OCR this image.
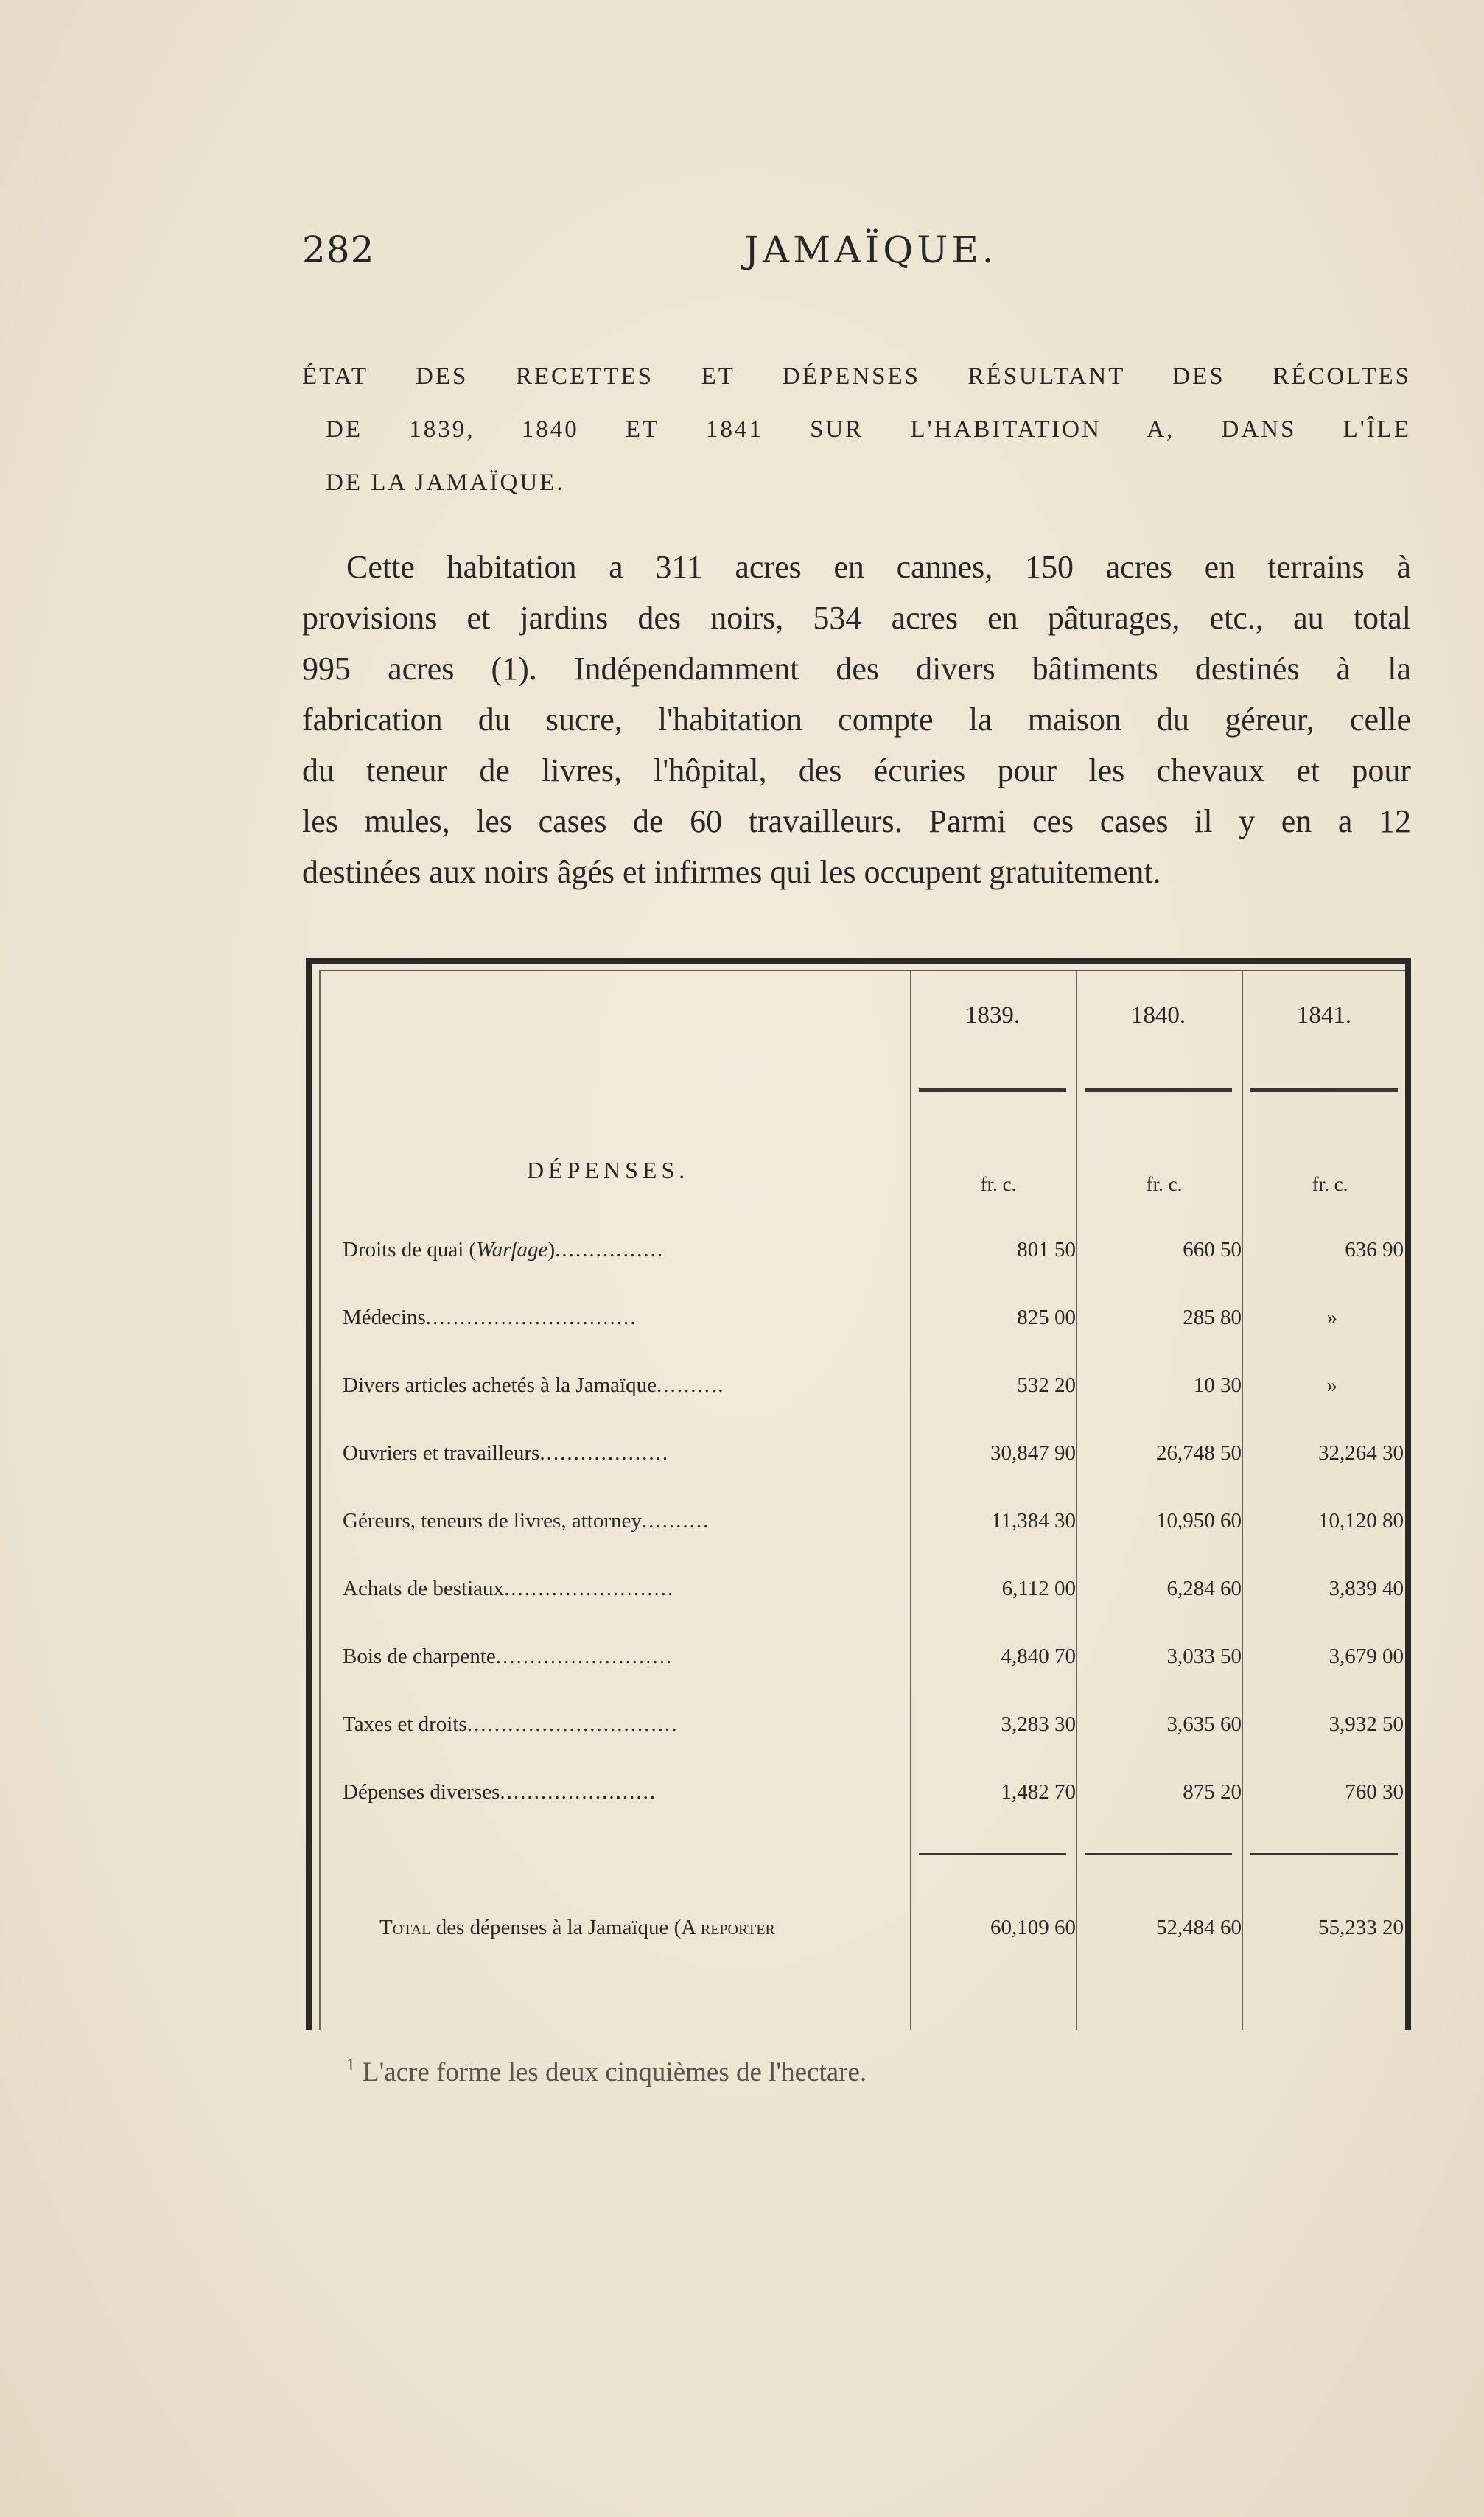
282	JAMAÏQUE.
ÉTAT DES RECETTES ET DÉPENSES RÉSULTANT DES RÉCOLTES
DE 1839, 1840 ET 1841 SUR L'HABITATION A, DANS L'ÎLE
DE LA JAMAÏQUE.
Cette habitation a 311 acres en cannes, 150 acres en terrains à
provisions et jardins des noirs, 534 acres en pâturages, etc., au total
995 acres (1). Indépendamment des divers bâtiments destinés à la
fabrication du sucre, l'habitation compte la maison du géreur, celle
du teneur de livres, l'hôpital, des écuries pour les chevaux et pour
les mules, les cases de 60 travailleurs. Parmi ces cases il y en a 12
destinées aux noirs âgés et infirmes qui les occupent gratuitement.
1839.	1840.	1841.
DÉPENSES.
fr. c.	fr. c.	fr. c.
Droits de quai (Warfage)................	801 50	660 50	636 90
Médecins...............................	825 00	285 80	»
Divers articles achetés à la Jamaïque..........	532 20	10 30	»
Ouvriers et travailleurs...................	30,847 90	26,748 50	32,264 30
Géreurs, teneurs de livres, attorney..........	11,384 30	10,950 60	10,120 80
Achats de bestiaux.........................	6,112 00	6,284 60	3,839 40
Bois de charpente..........................	4,840 70	3,033 50	3,679 00
Taxes et droits...............................	3,283 30	3,635 60	3,932 50
Dépenses diverses.......................	1,482 70	875 20	760 30
Total des dépenses à la Jamaïque (A reporter	60,109 60	52,484 60	55,233 20
$^1$ L'acre forme les deux cinquièmes de l'hectare.
